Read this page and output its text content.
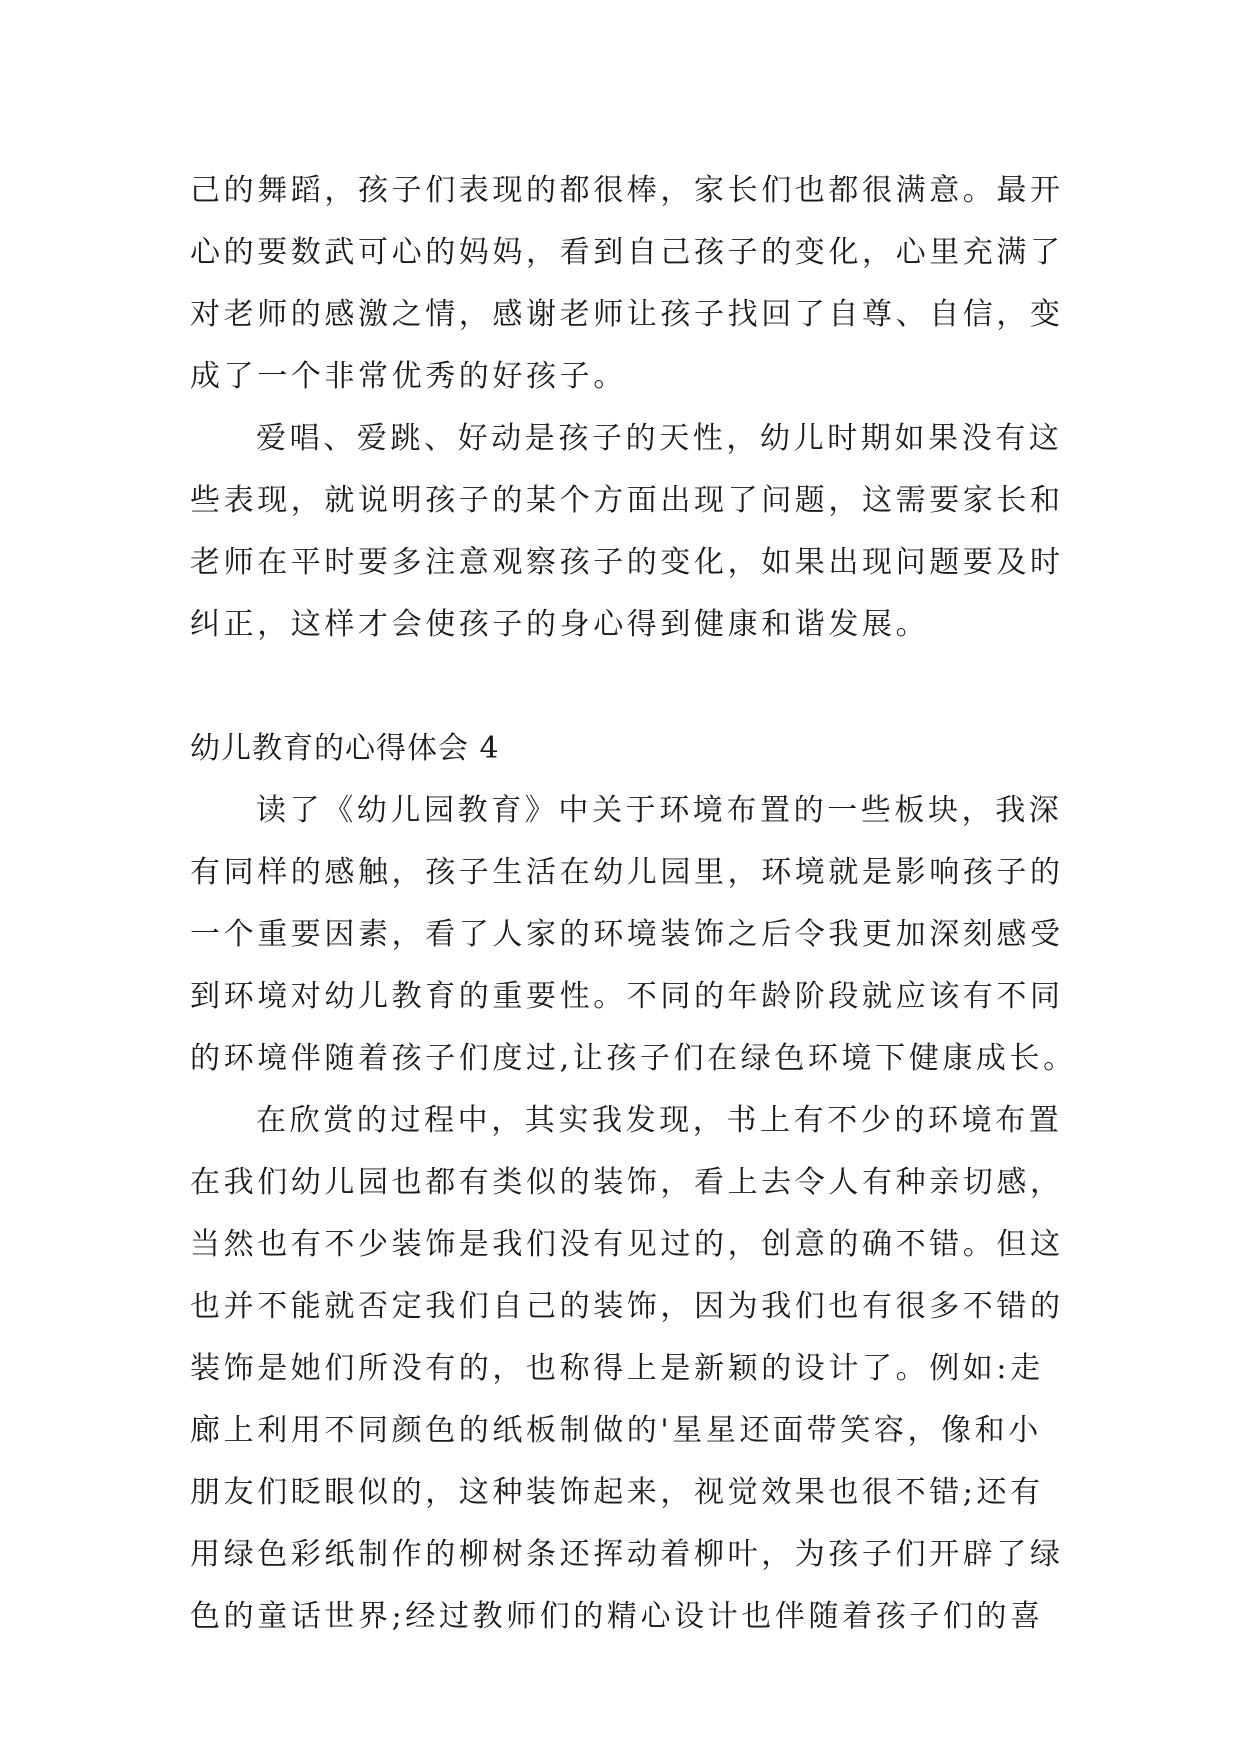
己的舞蹈，孩子们表现的都很棒，家长们也都很满意。最开
心的要数武可心的妈妈，看到自己孩子的变化，心里充满了
对老师的感激之情，感谢老师让孩子找回了自尊、自信，变
成了一个非常优秀的好孩子。
爱唱、爱跳、好动是孩子的天性，幼儿时期如果没有这
些表现，就说明孩子的某个方面出现了问题，这需要家长和
老师在平时要多注意观察孩子的变化，如果出现问题要及时
纠正，这样才会使孩子的身心得到健康和谐发展。
幼儿教育的心得体会 4
读了《幼儿园教育》中关于环境布置的一些板块，我深
有同样的感触，孩子生活在幼儿园里，环境就是影响孩子的
一个重要因素，看了人家的环境装饰之后令我更加深刻感受
到环境对幼儿教育的重要性。不同的年龄阶段就应该有不同
的环境伴随着孩子们度过,让孩子们在绿色环境下健康成长。
在欣赏的过程中，其实我发现，书上有不少的环境布置
在我们幼儿园也都有类似的装饰，看上去令人有种亲切感，
当然也有不少装饰是我们没有见过的，创意的确不错。但这
也并不能就否定我们自己的装饰，因为我们也有很多不错的
装饰是她们所没有的，也称得上是新颖的设计了。例如:走
廊上利用不同颜色的纸板制做的'星星还面带笑容，像和小
朋友们眨眼似的，这种装饰起来，视觉效果也很不错;还有
用绿色彩纸制作的柳树条还挥动着柳叶，为孩子们开辟了绿
色的童话世界;经过教师们的精心设计也伴随着孩子们的喜
